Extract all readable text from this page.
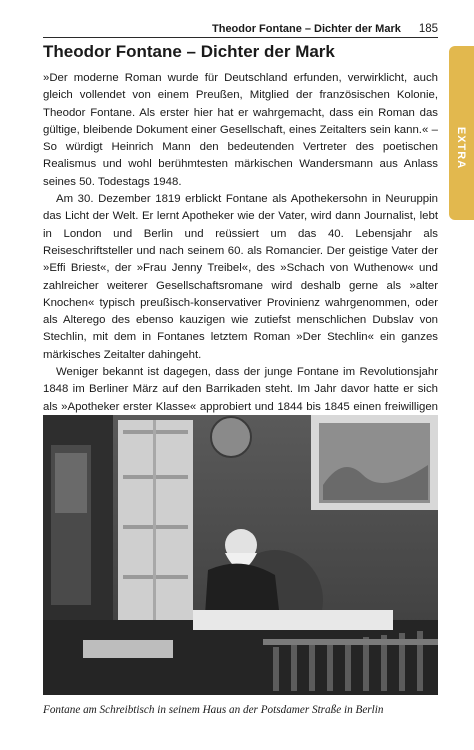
Theodor Fontane – Dichter der Mark 185
EXTRA
Theodor Fontane – Dichter der Mark

»Der moderne Roman wurde für Deutschland erfunden, verwirklicht, auch gleich vollendet von einem Preußen, Mitglied der französischen Kolonie, Theodor Fontane. Als erster hier hat er wahrgemacht, dass ein Roman das gültige, bleibende Dokument einer Gesellschaft, eines Zeitalters sein kann.« – So würdigt Heinrich Mann den bedeutenden Vertreter des poetischen Realismus und wohl berühmtesten märkischen Wandersmann aus Anlass seines 50. Todestags 1948.

Am 30. Dezember 1819 erblickt Fontane als Apothekersohn in Neuruppin das Licht der Welt. Er lernt Apotheker wie der Vater, wird dann Journalist, lebt in London und Berlin und reüssiert um das 40. Lebensjahr als Reiseschriftsteller und nach seinem 60. als Romancier. Der geistige Vater der »Effi Briest«, der »Frau Jenny Treibel«, des »Schach von Wuthenow« und zahlreicher weiterer Gesellschaftsromane wird deshalb gerne als »alter Knochen« typisch preußisch-konservativer Provinienz wahrgenommen, oder als Alterego des ebenso kauzigen wie zutiefst menschlichen Dubslav von Stechlin, mit dem in Fontanes letztem Roman »Der Stechlin« ein ganzes märkisches Zeitalter dahingeht.

Weniger bekannt ist dagegen, dass der junge Fontane im Revolutionsjahr 1848 im Berliner März auf den Barrikaden steht. Im Jahr davor hatte er sich als »Apotheker erster Klasse« approbiert und 1844 bis 1845 einen freiwilligen

Fontane am Schreibtisch in seinem Haus an der Potsdamer Straße in Berlin
